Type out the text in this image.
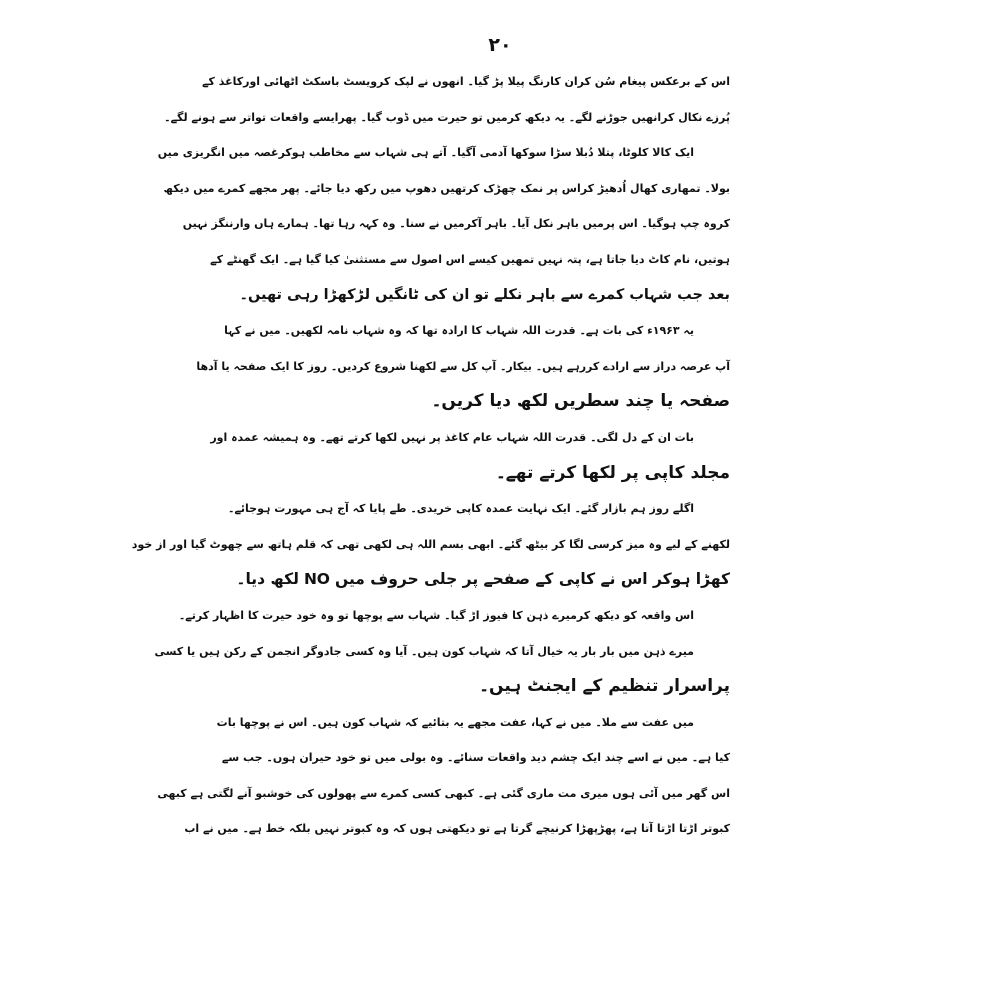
۲۰
اس کے برعکس پیغام سُن کران کارنگ پیلا پڑ گیا۔ انھوں نے لپک کرویسٹ باسکٹ اٹھائی اورکاغذ کے
پُرزے نکال کرانھیں جوڑنے لگے۔ یہ دیکھ کرمیں تو حیرت میں ڈوب گیا۔ پھرایسے واقعات تواتر سے ہونے لگے۔
ایک کالا کلوٹا، پتلا دُبلا سڑا سوکھا آدمی آگیا۔ آتے ہی شہاب سے مخاطب ہوکرغصہ میں انگریزی میں
بولا۔ تمھاری کھال اُدھیڑ کراس پر نمک چھڑک کرتھیں دھوپ میں رکھ دیا جائے۔ پھر مجھے کمرے میں دیکھ
کروہ چپ ہوگیا۔ اس پرمیں باہر نکل آیا۔ باہر آکرمیں نے سنا۔ وہ کہہ رہا تھا۔ ہمارے ہاں وارننگز نہیں
ہوتیں، نام کاٹ دیا جاتا ہے، پتہ نہیں تمھیں کیسے اس اصول سے مستثنیٰ کیا گیا ہے۔ ایک گھنٹے کے
بعد جب شہاب کمرے سے باہر نکلے تو ان کی ٹانگیں لڑکھڑا رہی تھیں۔
یہ ۱۹۶۳ء کی بات ہے۔ قدرت اللہ شہاب کا ارادہ تھا کہ وہ شہاب نامہ لکھیں۔ میں نے کہا
آپ عرصہ دراز سے ارادے کررہے ہیں۔ بیکار۔ آپ کل سے لکھنا شروع کردیں۔ روز کا ایک صفحہ یا آدھا
صفحہ یا چند سطریں لکھ دیا کریں۔
بات ان کے دل لگی۔ قدرت اللہ شہاب عام کاغذ پر نہیں لکھا کرتے تھے۔ وہ ہمیشہ عمدہ اور
مجلد کاپی پر لکھا کرتے تھے۔
اگلے روز ہم بازار گئے۔ ایک نہایت عمدہ کاپی خریدی۔ طے پایا کہ آج ہی مہورت ہوجائے۔
لکھنے کے لیے وہ میز کرسی لگا کر بیٹھ گئے۔ ابھی بسم اللہ ہی لکھی تھی کہ قلم ہاتھ سے چھوٹ گیا اور از خود
کھڑا ہوکر اس نے کاپی کے صفحے پر جلی حروف میں NO لکھ دیا۔
اس واقعہ کو دیکھ کرمیرے ذہن کا فیوز اڑ گیا۔ شہاب سے پوچھا تو وہ خود حیرت کا اظہار کرتے۔
میرے ذہن میں بار بار یہ خیال آتا کہ شہاب کون ہیں۔ آیا وہ کسی جادوگر انجمن کے رکن ہیں یا کسی
پراسرار تنظیم کے ایجنٹ ہیں۔
میں عفت سے ملا۔ میں نے کہا، عفت مجھے یہ بتائیے کہ شہاب کون ہیں۔ اس نے پوچھا بات
کیا ہے۔ میں نے اسے چند ایک چشم دید واقعات سنائے۔ وہ بولی میں تو خود حیران ہوں۔ جب سے
اس گھر میں آئی ہوں میری مت ماری گئی ہے۔ کبھی کسی کمرے سے پھولوں کی خوشبو آنے لگتی ہے کبھی
کبوتر اڑتا اڑتا آتا ہے، پھڑپھڑا کرنیچے گرتا ہے تو دیکھتی ہوں کہ وہ کبوتر نہیں بلکہ خط ہے۔ میں نے اب
